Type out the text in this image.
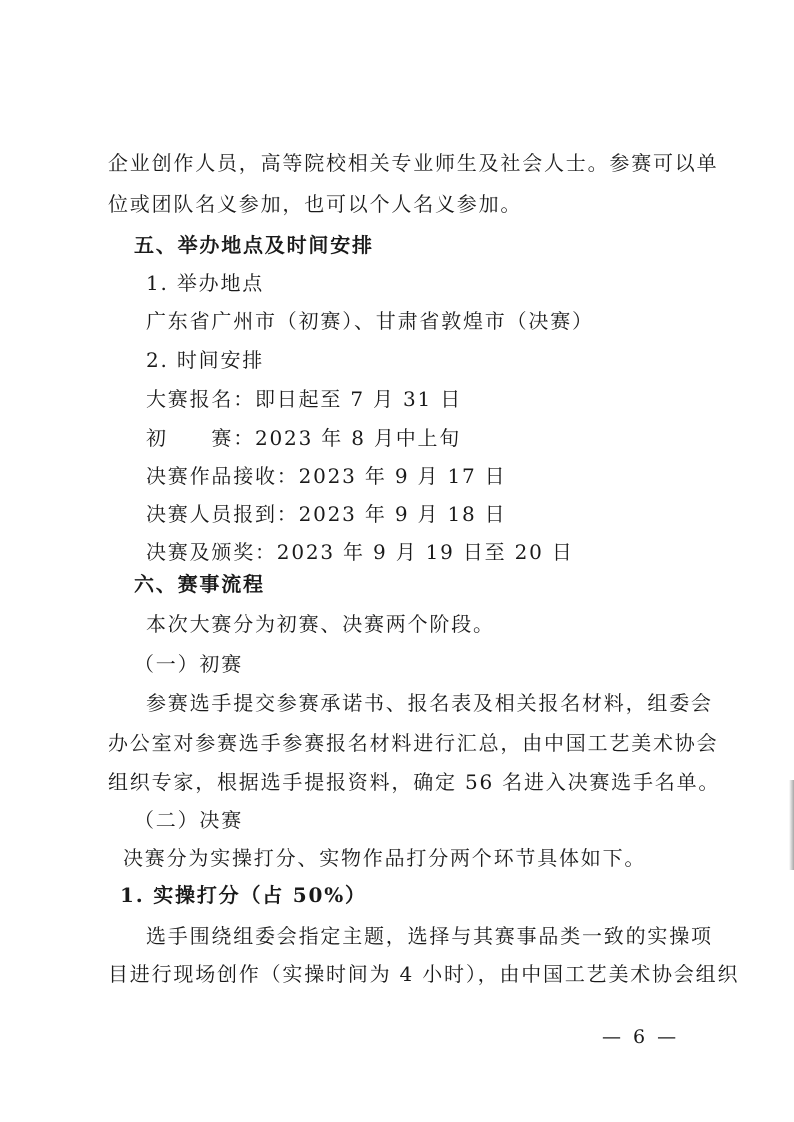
企业创作人员，高等院校相关专业师生及社会人士。参赛可以单
位或团队名义参加，也可以个人名义参加。
五、举办地点及时间安排
1. 举办地点
广东省广州市（初赛）、甘肃省敦煌市（决赛）
2. 时间安排
大赛报名：即日起至 7 月 31 日
初　　赛：2023 年 8 月中上旬
决赛作品接收：2023 年 9 月 17 日
决赛人员报到：2023 年 9 月 18 日
决赛及颁奖：2023 年 9 月 19 日至 20 日
六、赛事流程
本次大赛分为初赛、决赛两个阶段。
（一）初赛
参赛选手提交参赛承诺书、报名表及相关报名材料，组委会
办公室对参赛选手参赛报名材料进行汇总，由中国工艺美术协会
组织专家，根据选手提报资料，确定 56 名进入决赛选手名单。
（二）决赛
决赛分为实操打分、实物作品打分两个环节具体如下。
1. 实操打分（占 50%）
选手围绕组委会指定主题，选择与其赛事品类一致的实操项
目进行现场创作（实操时间为 4 小时），由中国工艺美术协会组织
— 6 —
